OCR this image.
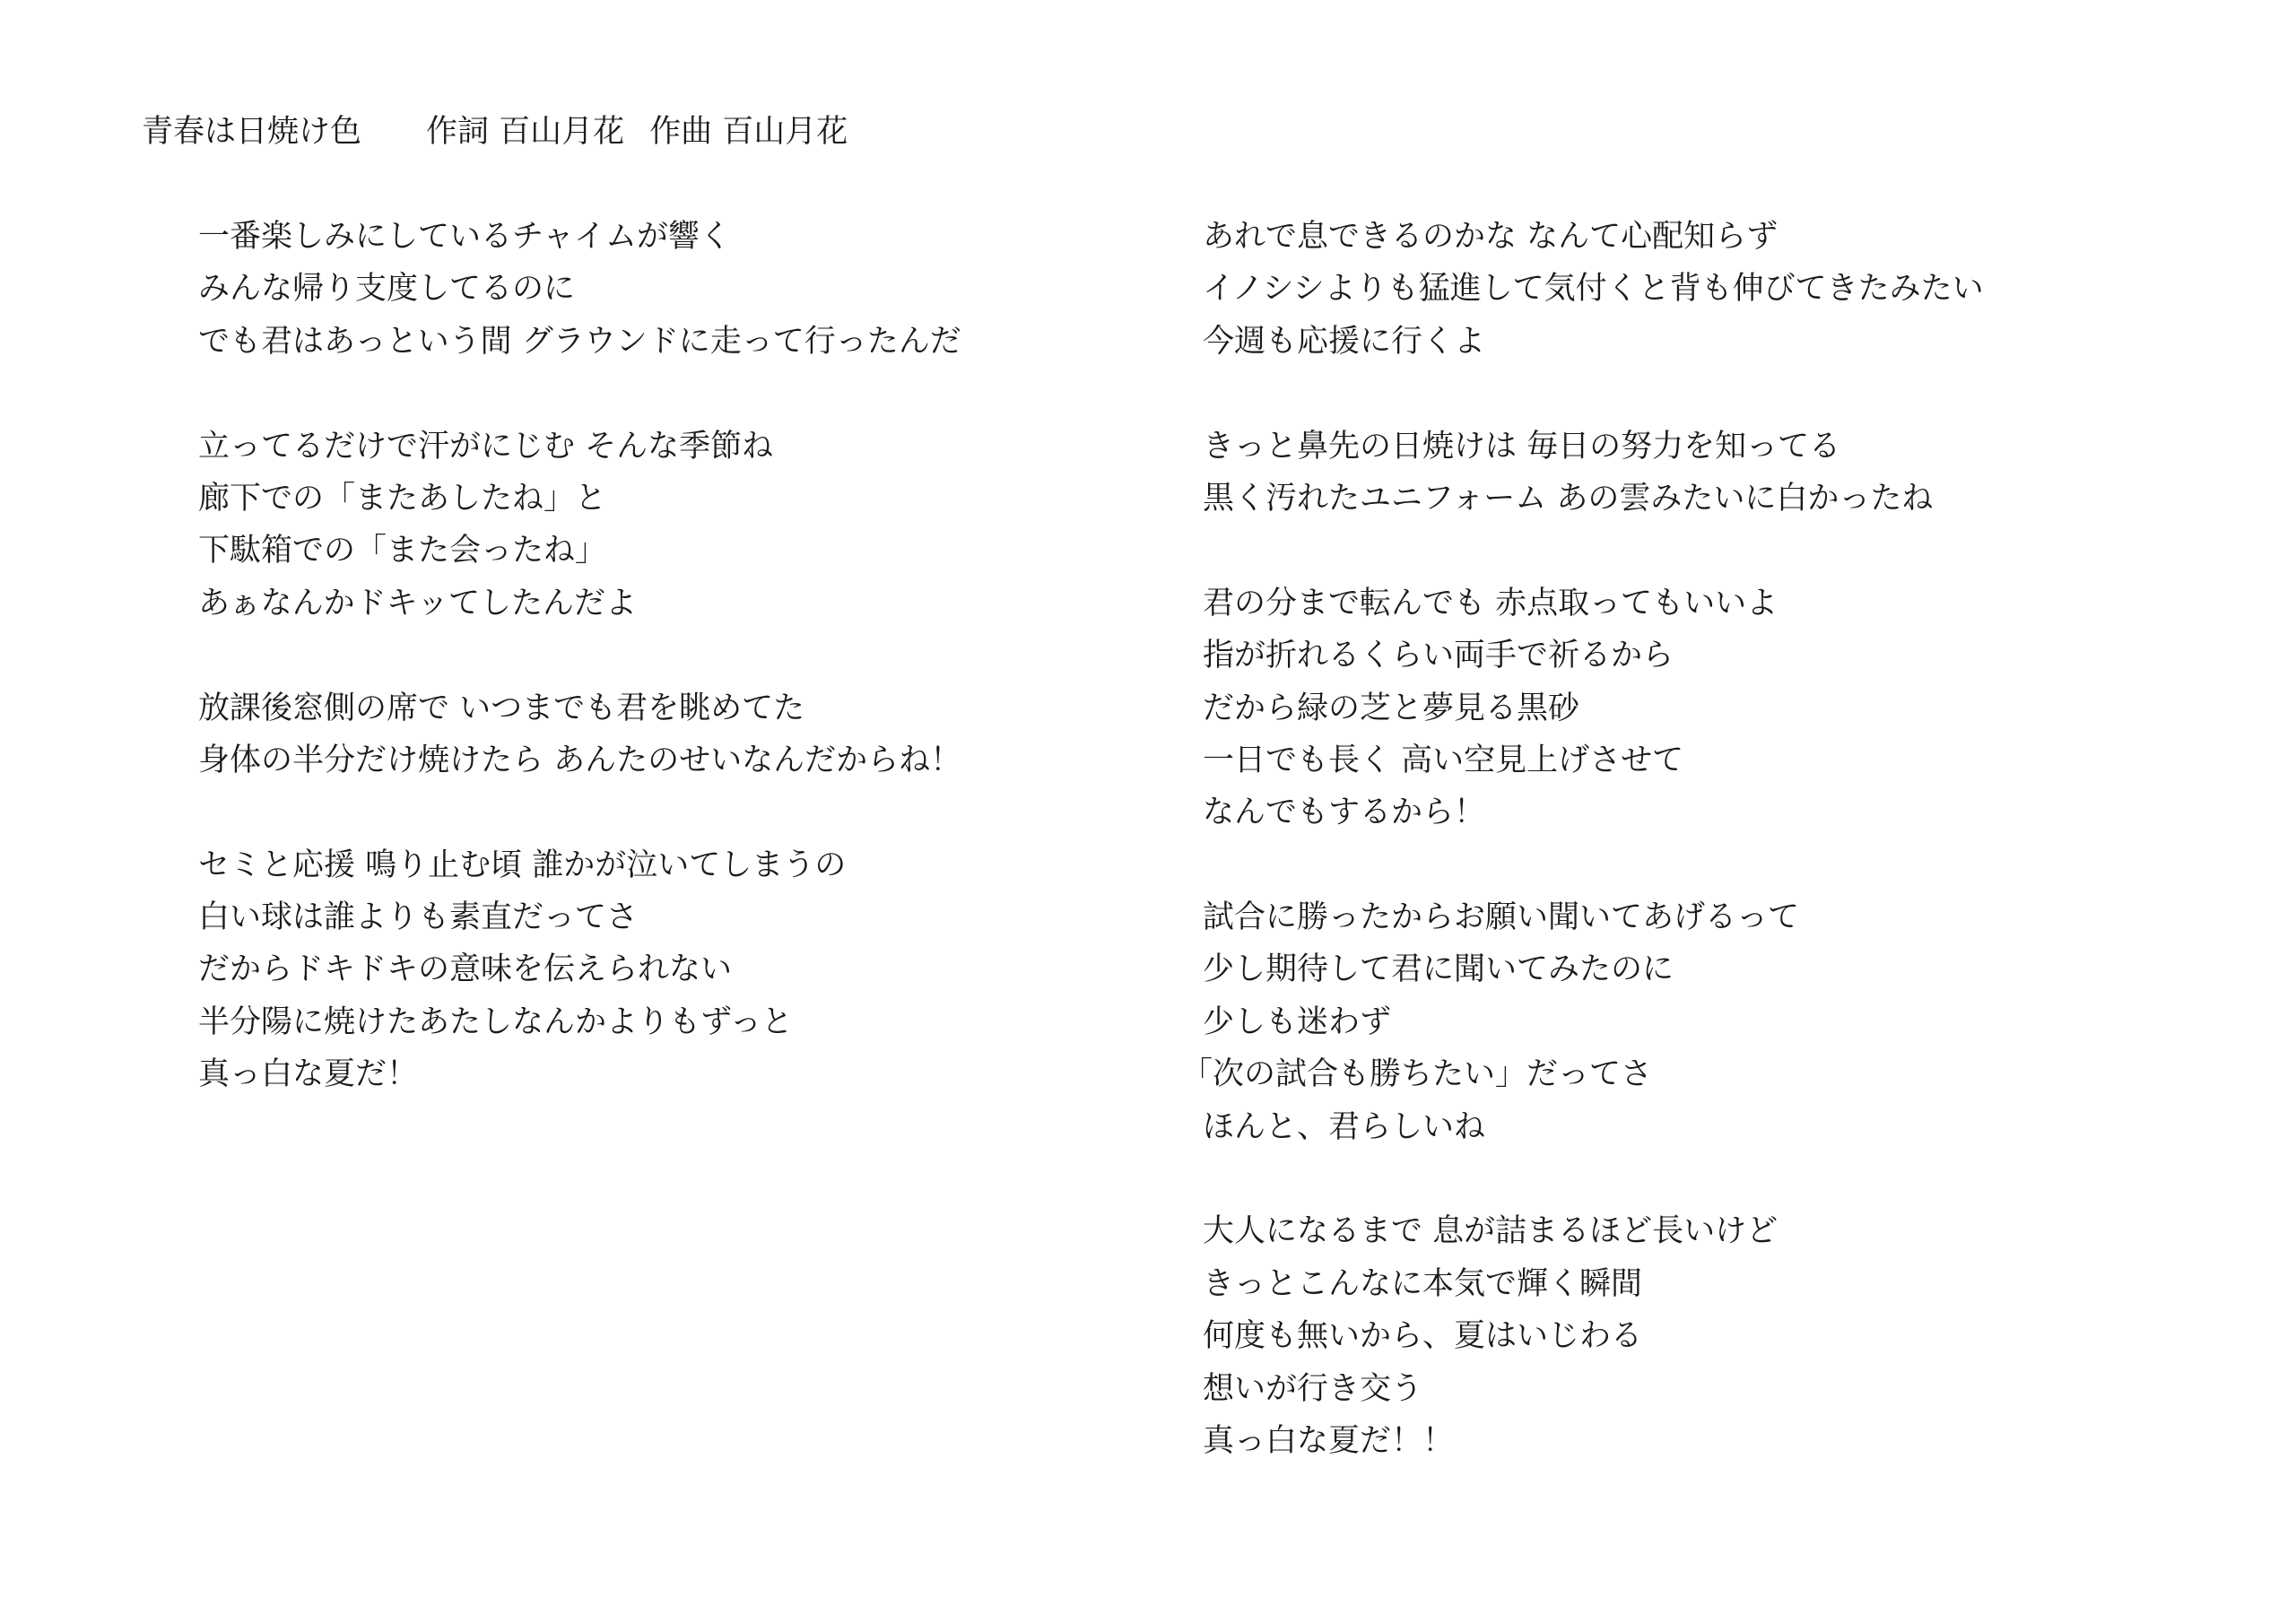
青春は日焼け色 作詞 百山月花 作曲 百山月花
一番楽しみにしているチャイムが響く
みんな帰り支度してるのに
でも君はあっという間 グラウンドに走って行ったんだ
立ってるだけで汗がにじむ そんな季節ね
廊下での「またあしたね」と
下駄箱での「また会ったね」
あぁなんかドキッてしたんだよ
放課後窓側の席で いつまでも君を眺めてた
身体の半分だけ焼けたら あんたのせいなんだからね！
セミと応援 鳴り止む頃 誰かが泣いてしまうの
白い球は誰よりも素直だってさ
だからドキドキの意味を伝えられない
半分陽に焼けたあたしなんかよりもずっと
真っ白な夏だ！
あれで息できるのかな なんて心配知らず
イノシシよりも猛進して気付くと背も伸びてきたみたい
今週も応援に行くよ
きっと鼻先の日焼けは 毎日の努力を知ってる
黒く汚れたユニフォーム あの雲みたいに白かったね
君の分まで転んでも 赤点取ってもいいよ
指が折れるくらい両手で祈るから
だから緑の芝と夢見る黒砂
一日でも長く 高い空見上げさせて
なんでもするから！
試合に勝ったからお願い聞いてあげるって
少し期待して君に聞いてみたのに
少しも迷わず
「次の試合も勝ちたい」だってさ
ほんと、君らしいね
大人になるまで 息が詰まるほど長いけど
きっとこんなに本気で輝く瞬間
何度も無いから、夏はいじわる
想いが行き交う
真っ白な夏だ！！
